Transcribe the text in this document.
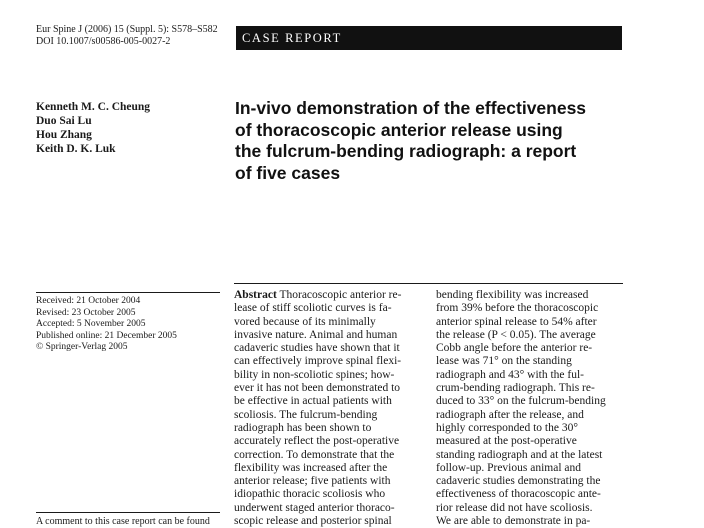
Eur Spine J (2006) 15 (Suppl. 5): S578–S582
DOI 10.1007/s00586-005-0027-2	CASE REPORT
Kenneth M. C. Cheung
Duo Sai Lu
Hou Zhang
Keith D. K. Luk
In-vivo demonstration of the effectiveness
of thoracoscopic anterior release using
the fulcrum-bending radiograph: a report
of five cases
Received: 21 October 2004
Revised: 23 October 2005
Accepted: 5 November 2005
Published online: 21 December 2005
© Springer-Verlag 2005
Abstract Thoracoscopic anterior re-
lease of stiff scoliotic curves is fa-
vored because of its minimally
invasive nature. Animal and human
cadaveric studies have shown that it
can effectively improve spinal flexi-
bility in non-scoliotic spines; how-
ever it has not been demonstrated to
be effective in actual patients with
scoliosis. The fulcrum-bending
radiograph has been shown to
accurately reflect the post-operative
correction. To demonstrate that the
flexibility was increased after the
anterior release; five patients with
idiopathic thoracic scoliosis who
underwent staged anterior thoraco-
scopic release and posterior spinal
bending flexibility was increased
from 39% before the thoracoscopic
anterior spinal release to 54% after
the release (P < 0.05). The average
Cobb angle before the anterior re-
lease was 71° on the standing
radiograph and 43° with the ful-
crum-bending radiograph. This re-
duced to 33° on the fulcrum-bending
radiograph after the release, and
highly corresponded to the 30°
measured at the post-operative
standing radiograph and at the latest
follow-up. Previous animal and
cadaveric studies demonstrating the
effectiveness of thoracoscopic ante-
rior release did not have scoliosis.
We are able to demonstrate in pa-
A comment to this case report can be found
